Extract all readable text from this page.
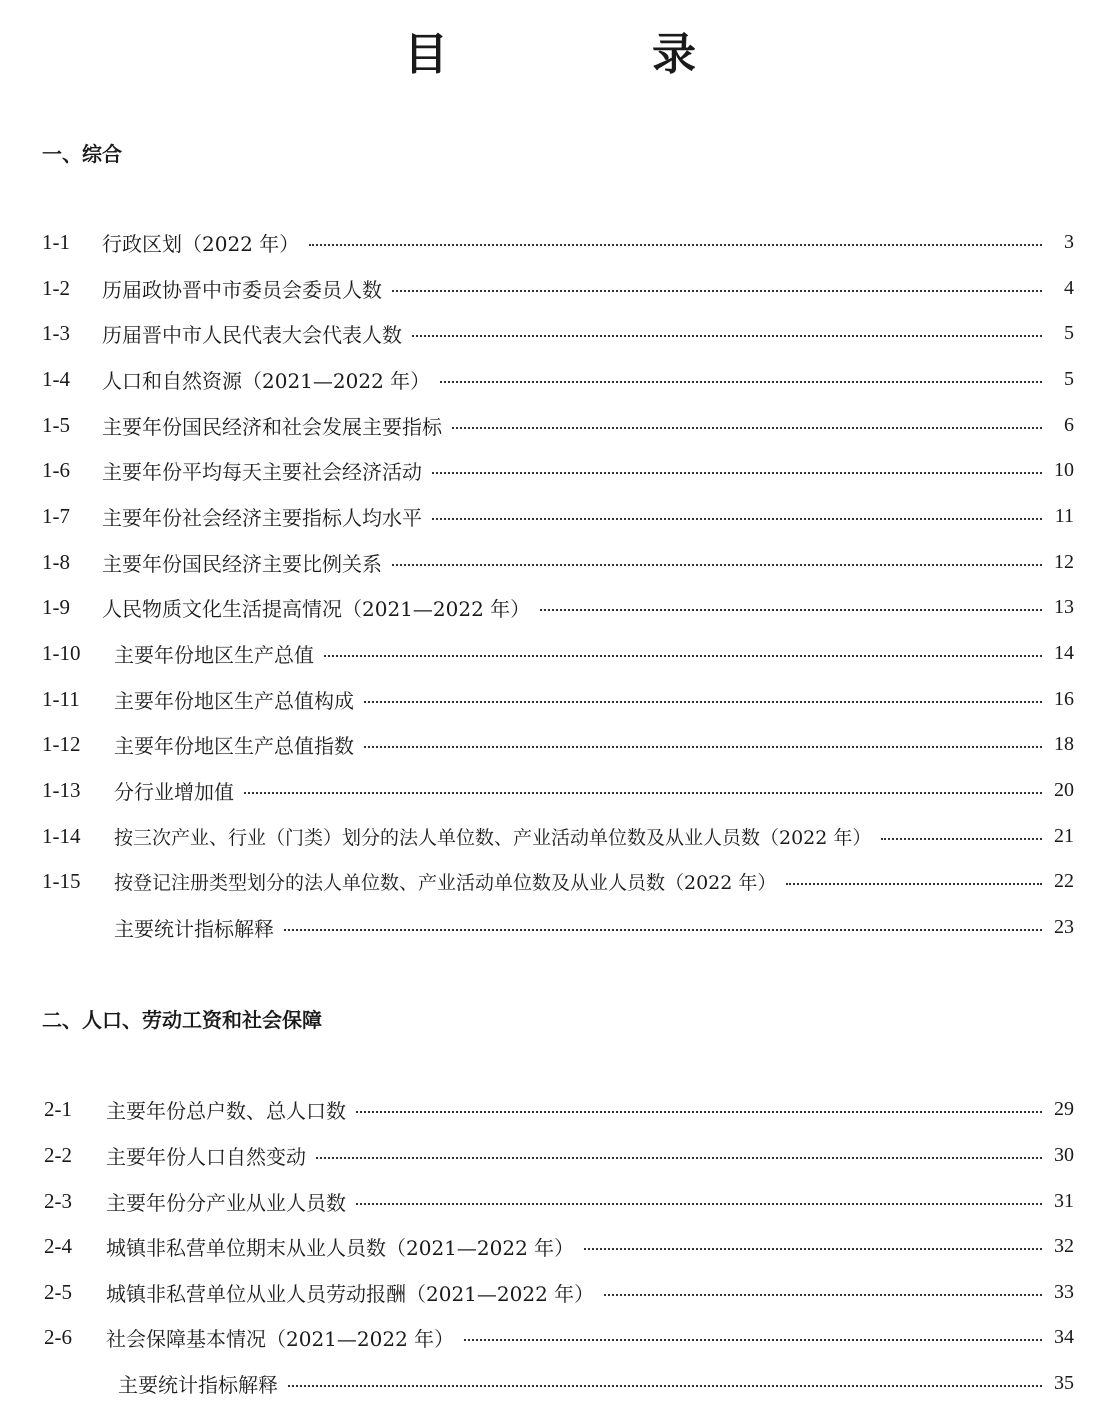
目　录
一、综合
1-1	行政区划（2022 年）	3
1-2	历届政协晋中市委员会委员人数	4
1-3	历届晋中市人民代表大会代表人数	5
1-4	人口和自然资源（2021—2022 年）	5
1-5	主要年份国民经济和社会发展主要指标	6
1-6	主要年份平均每天主要社会经济活动	10
1-7	主要年份社会经济主要指标人均水平	11
1-8	主要年份国民经济主要比例关系	12
1-9	人民物质文化生活提高情况（2021—2022 年）	13
1-10	主要年份地区生产总值	14
1-11	主要年份地区生产总值构成	16
1-12	主要年份地区生产总值指数	18
1-13	分行业增加值	20
1-14	按三次产业、行业（门类）划分的法人单位数、产业活动单位数及从业人员数（2022 年）	21
1-15	按登记注册类型划分的法人单位数、产业活动单位数及从业人员数（2022 年）	22
主要统计指标解释	23
二、人口、劳动工资和社会保障
2-1	主要年份总户数、总人口数	29
2-2	主要年份人口自然变动	30
2-3	主要年份分产业从业人员数	31
2-4	城镇非私营单位期末从业人员数（2021—2022 年）	32
2-5	城镇非私营单位从业人员劳动报酬（2021—2022 年）	33
2-6	社会保障基本情况（2021—2022 年）	34
主要统计指标解释	35
